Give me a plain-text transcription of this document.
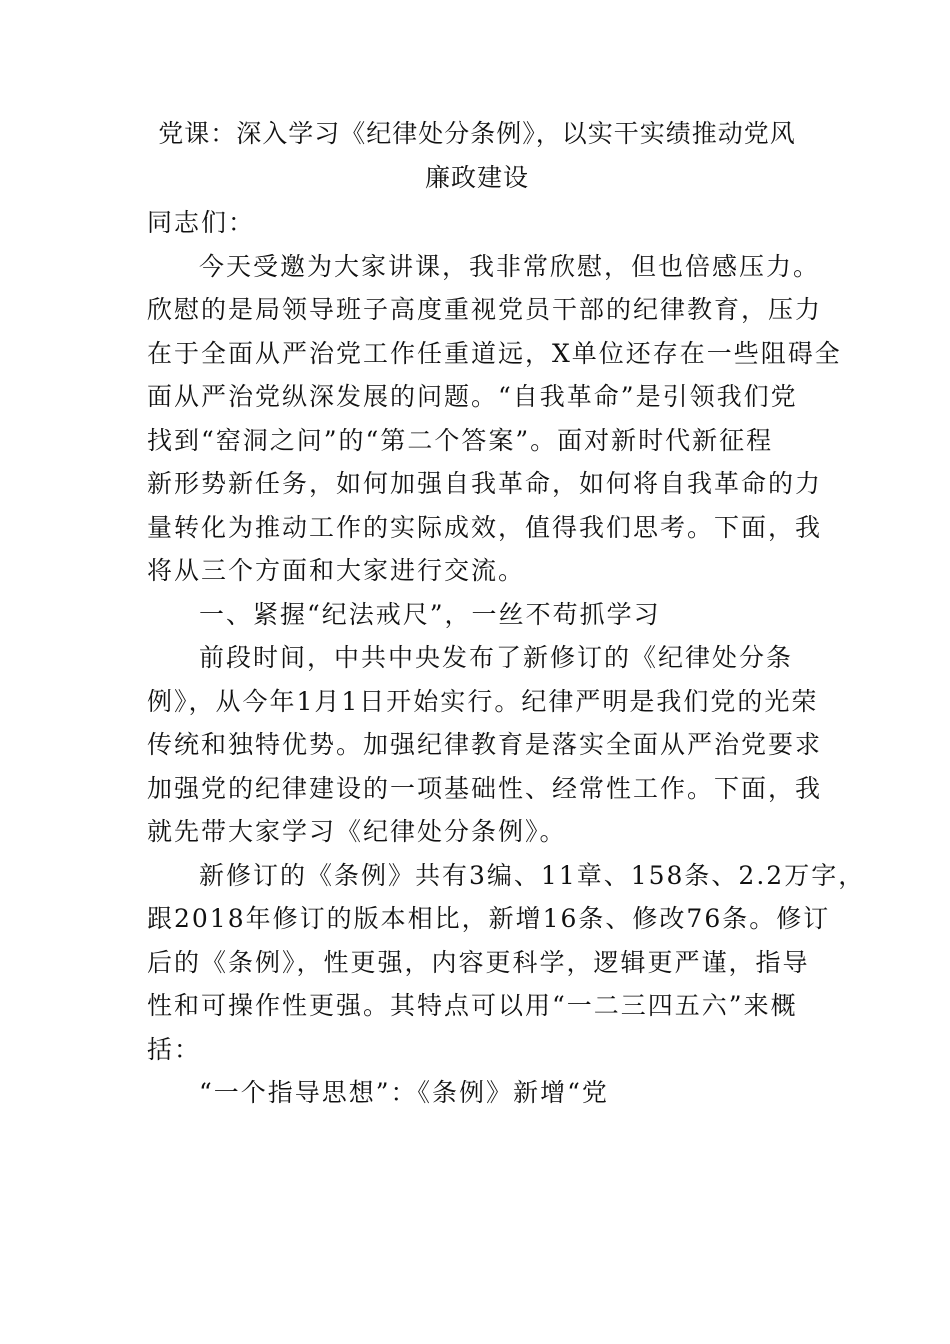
党课：深入学习《纪律处分条例》，以实干实绩推动党风
廉政建设
同志们：
今天受邀为大家讲课，我非常欣慰，但也倍感压力。
欣慰的是局领导班子高度重视党员干部的纪律教育，压力
在于全面从严治党工作任重道远，X单位还存在一些阻碍全
面从严治党纵深发展的问题。“自我革命”是引领我们党
找到“窑洞之问”的“第二个答案”。面对新时代新征程
新形势新任务，如何加强自我革命，如何将自我革命的力
量转化为推动工作的实际成效，值得我们思考。下面，我
将从三个方面和大家进行交流。
一、紧握“纪法戒尺”，一丝不苟抓学习
前段时间，中共中央发布了新修订的《纪律处分条
例》，从今年1月1日开始实行。纪律严明是我们党的光荣
传统和独特优势。加强纪律教育是落实全面从严治党要求
加强党的纪律建设的一项基础性、经常性工作。下面，我
就先带大家学习《纪律处分条例》。
新修订的《条例》共有3编、11章、158条、2.2万字，
跟2018年修订的版本相比，新增16条、修改76条。修订
后的《条例》，性更强，内容更科学，逻辑更严谨，指导
性和可操作性更强。其特点可以用“一二三四五六”来概
括：
“一个指导思想”：《条例》新增“党
